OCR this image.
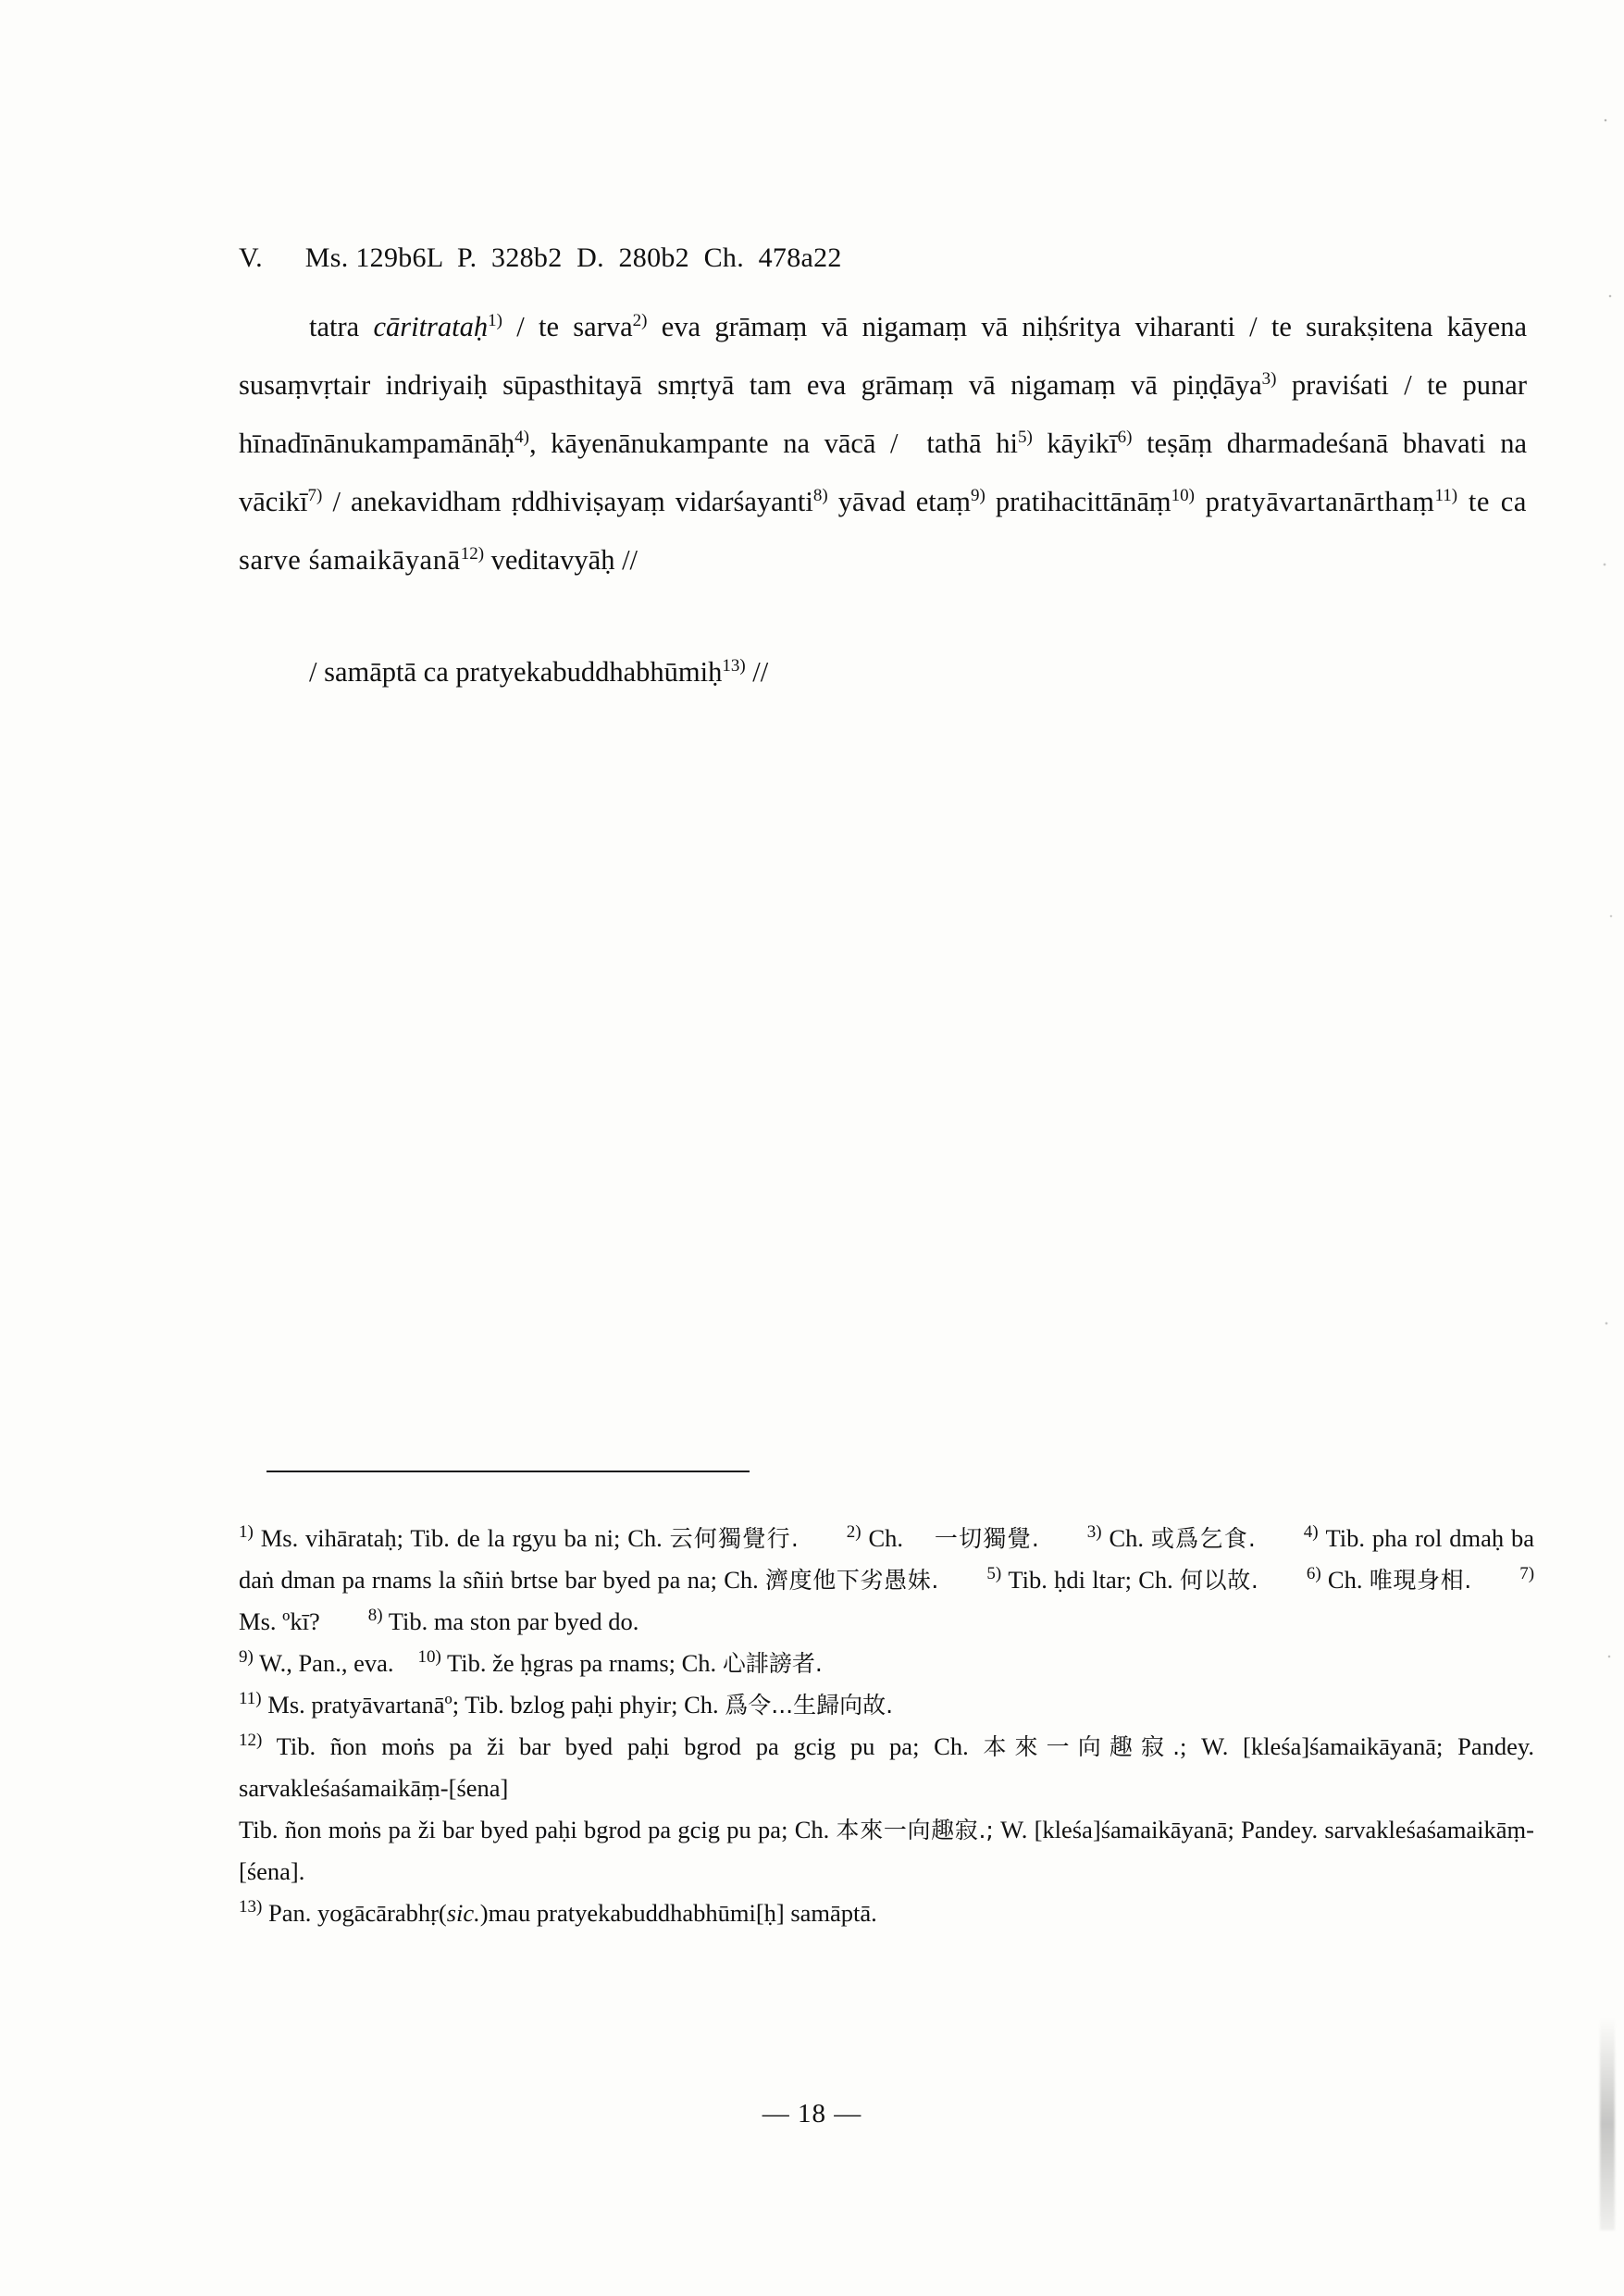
V.   Ms. 129b6L  P.  328b2  D.  280b2  Ch.  478a22

tatra cāritrataḥ$^{1)}$ / te sarva$^{2)}$ eva grāmaṃ vā nigamaṃ vā niḥśritya viharanti / te surakṣitena kāyena susaṃvṛtair indriyaiḥ sūpasthitayā smṛtyā tam eva grāmaṃ vā nigamaṃ vā piṇḍāya$^{3)}$ praviśati / te punar hīnadīnānukampamānāḥ$^{4)}$, kāyenānukampante na vācā /  tathā hi$^{5)}$ kāyikī$^{6)}$ teṣāṃ dharmadeśanā bhavati na vācikī$^{7)}$ / anekavidham ṛddhiviṣayaṃ vidarśayanti$^{8)}$ yāvad etaṃ$^{9)}$ pratihacittānāṃ$^{10)}$ pratyāvartanārthaṃ$^{11)}$ te ca sarve śamaikāyanā$^{12)}$ veditavyāḥ //

/ samāptā ca pratyekabuddhabhūmiḥ$^{13)}$ //

$^{1)}$ Ms. vihārataḥ; Tib. de la rgyu ba ni; Ch. 云何獨覺行.	$^{2)}$ Ch. 一切獨覺.	$^{3)}$ Ch. 或爲乞食.	$^{4)}$ Tib. pha rol dmaḥ ba daṅ dman pa rnams la sñiṅ brtse bar byed pa na; Ch. 濟度他下劣愚妹.	$^{5)}$ Tib. ḥdi ltar; Ch. 何以故.	$^{6)}$ Ch. 唯現身相.	$^{7)}$ Ms. ºkī?	$^{8)}$ Tib. ma ston par byed do.

$^{9)}$ W., Pan., eva. $^{10)}$ Tib. že ḥgras pa rnams; Ch. 心誹謗者.

$^{11)}$ Ms. pratyāvartanāº; Tib. bzlog paḥi phyir; Ch. 爲令...生歸向故.

$^{12)}$ Tib. ñon moṅs pa ži bar byed paḥi bgrod pa gcig pu pa; Ch. 本來一向趣寂.; W. [kleśa]śamaikāyanā; Pandey. sarvakleśaśamaikāṃ-[śena]

Tib. ñon moṅs pa ži bar byed paḥi bgrod pa gcig pu pa; Ch. 本來一向趣寂.; W. [kleśa]śamaikāyanā; Pandey. sarvakleśaśamaikāṃ-[śena].

$^{13)}$ Pan. yogācārabhṛ(sic.)mau pratyekabuddhabhūmi[ḥ] samāptā.

— 18 —
